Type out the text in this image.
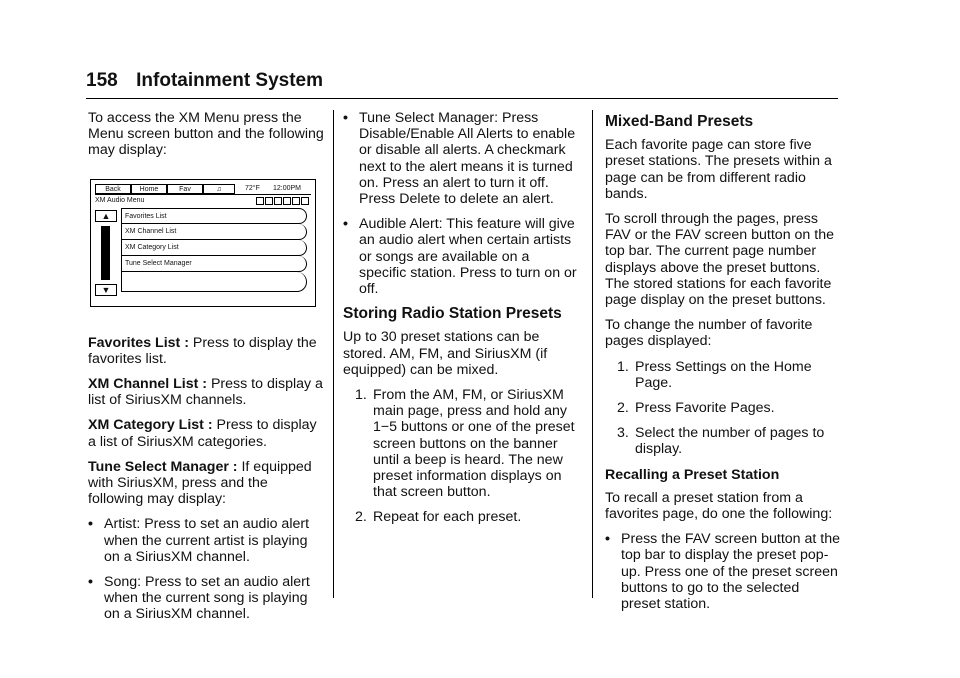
158 Infotainment System

To access the XM Menu press the Menu screen button and the following may display:

Back	Home	Fav	♫	72°F 12:00PM
XM Audio Menu
▲
▼
Favorites List
XM Channel List
XM Category List
Tune Select Manager

Favorites List : Press to display the favorites list.

XM Channel List : Press to display a list of SiriusXM channels.

XM Category List : Press to display a list of SiriusXM categories.

Tune Select Manager : If equipped with SiriusXM, press and the following may display:

• Artist: Press to set an audio alert when the current artist is playing on a SiriusXM channel.
• Song: Press to set an audio alert when the current song is playing on a SiriusXM channel.
• Tune Select Manager: Press Disable/Enable All Alerts to enable or disable all alerts. A checkmark next to the alert means it is turned on. Press an alert to turn it off. Press Delete to delete an alert.
• Audible Alert: This feature will give an audio alert when certain artists or songs are available on a specific station. Press to turn on or off.
Storing Radio Station Presets

Up to 30 preset stations can be stored. AM, FM, and SiriusXM (if equipped) can be mixed.

1. From the AM, FM, or SiriusXM main page, press and hold any 1−5 buttons or one of the preset screen buttons on the banner until a beep is heard. The new preset information displays on that screen button.
2. Repeat for each preset.
Mixed-Band Presets

Each favorite page can store five preset stations. The presets within a page can be from different radio bands.

To scroll through the pages, press FAV or the FAV screen button on the top bar. The current page number displays above the preset buttons. The stored stations for each favorite page display on the preset buttons.

To change the number of favorite pages displayed:

1. Press Settings on the Home Page.
2. Press Favorite Pages.
3. Select the number of pages to display.
Recalling a Preset Station

To recall a preset station from a favorites page, do one the following:

• Press the FAV screen button at the top bar to display the preset pop-up. Press one of the preset screen buttons to go to the selected preset station.
